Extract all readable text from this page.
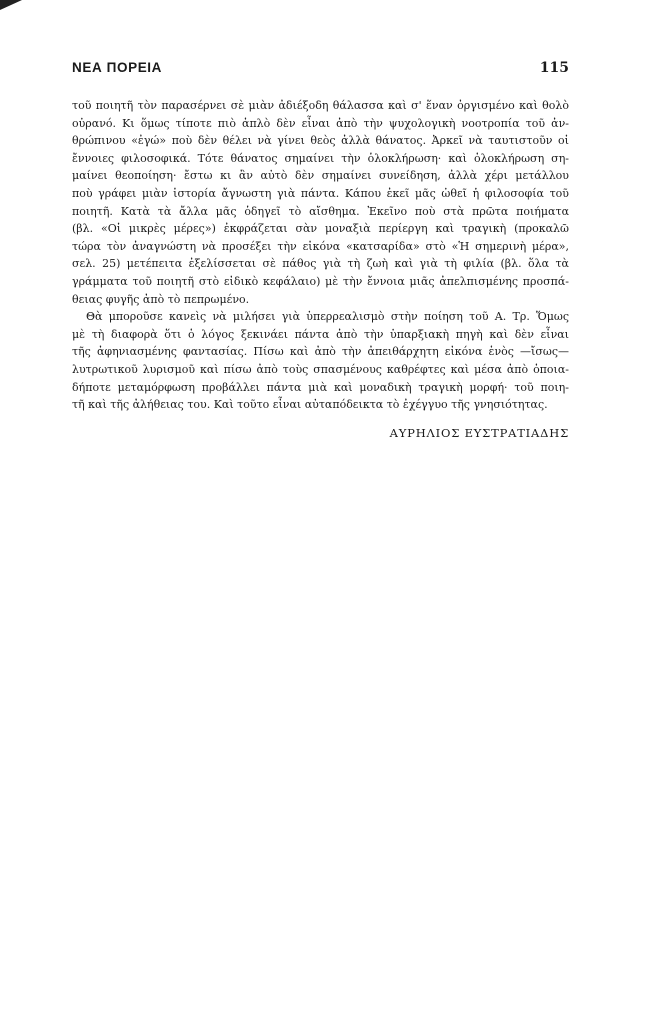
ΝΕΑ ΠΟΡΕΙΑ	115

τοῦ ποιητῆ τὸν παρασέρνει σὲ μιὰν ἀδιέξοδη θάλασσα καὶ σ' ἕναν ὀργισμένο καὶ θολὸ
οὐρανό. Κι ὅμως τίποτε πιὸ ἁπλὸ δὲν εἶναι ἀπὸ τὴν ψυχολογικὴ νοοτροπία τοῦ ἀν-
θρώπινου «ἐγώ» ποὺ δὲν θέλει νὰ γίνει θεὸς ἀλλὰ θάνατος. Ἀρκεῖ νὰ ταυτιστοῦν οἱ
ἔννοιες φιλοσοφικά. Τότε θάνατος σημαίνει τὴν ὁλοκλήρωση· καὶ ὁλοκλήρωση ση-
μαίνει θεοποίηση· ἔστω κι ἂν αὐτὸ δὲν σημαίνει συνείδηση, ἀλλὰ χέρι μετάλλου
ποὺ γράφει μιὰν ἱστορία ἄγνωστη γιὰ πάντα. Κάπου ἐκεῖ μᾶς ὠθεῖ ἡ φιλοσοφία τοῦ
ποιητῆ. Κατὰ τὰ ἄλλα μᾶς ὁδηγεῖ τὸ αἴσθημα. Ἐκεῖνο ποὺ στὰ πρῶτα ποιήματα
(βλ. «Οἱ μικρὲς μέρες») ἐκφράζεται σὰν μοναξιὰ περίεργη καὶ τραγικὴ (προκαλῶ
τώρα τὸν ἀναγνώστη νὰ προσέξει τὴν εἰκόνα «κατσαρίδα» στὸ «Ἡ σημερινὴ μέρα»,
σελ. 25) μετέπειτα ἐξελίσσεται σὲ πάθος γιὰ τὴ ζωὴ καὶ γιὰ τὴ φιλία (βλ. ὅλα τὰ
γράμματα τοῦ ποιητῆ στὸ εἰδικὸ κεφάλαιο) μὲ τὴν ἔννοια μιᾶς ἀπελπισμένης προσπά-
θειας φυγῆς ἀπὸ τὸ πεπρωμένο.

Θὰ μποροῦσε κανεὶς νὰ μιλήσει γιὰ ὑπερρεαλισμὸ στὴν ποίηση τοῦ Α. Τρ. Ὅμως
μὲ τὴ διαφορὰ ὅτι ὁ λόγος ξεκινάει πάντα ἀπὸ τὴν ὑπαρξιακὴ πηγὴ καὶ δὲν εἶναι
τῆς ἀφηνιασμένης φαντασίας. Πίσω καὶ ἀπὸ τὴν ἀπειθάρχητη εἰκόνα ἑνὸς —ἴσως—
λυτρωτικοῦ λυρισμοῦ καὶ πίσω ἀπὸ τοὺς σπασμένους καθρέφτες καὶ μέσα ἀπὸ ὁποια-
δήποτε μεταμόρφωση προβάλλει πάντα μιὰ καὶ μοναδικὴ τραγικὴ μορφή· τοῦ ποιη-
τῆ καὶ τῆς ἀλήθειας του. Καὶ τοῦτο εἶναι αὐταπόδεικτα τὸ ἐχέγγυο τῆς γνησιότητας.

ΑΥΡΗΛΙΟΣ ΕΥΣΤΡΑΤΙΑΔΗΣ
